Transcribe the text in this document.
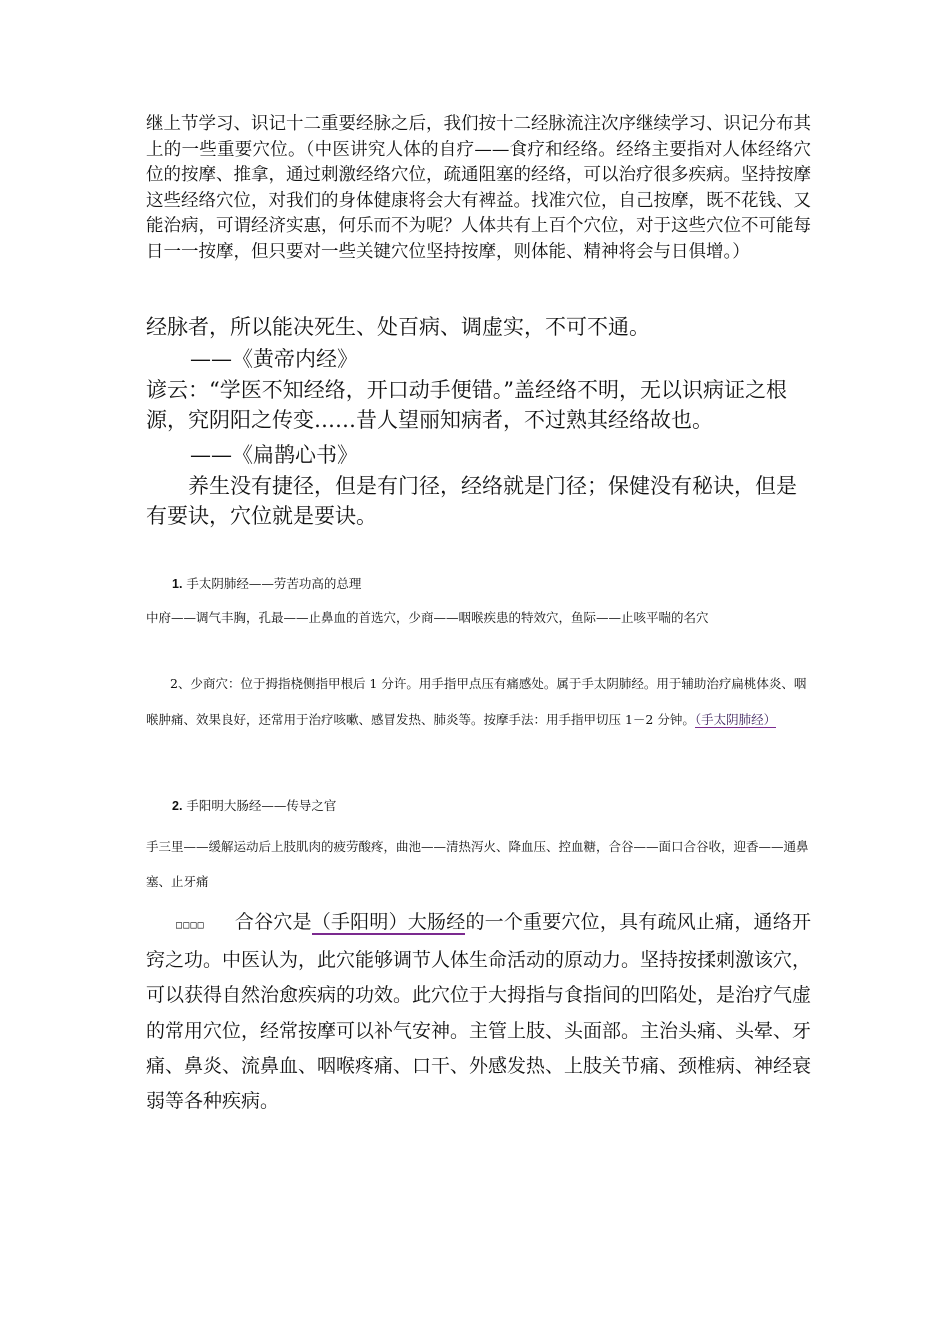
继上节学习、识记十二重要经脉之后，我们按十二经脉流注次序继续学习、识记分布其上的一些重要穴位。（中医讲究人体的自疗——食疗和经络。经络主要指对人体经络穴位的按摩、推拿，通过刺激经络穴位，疏通阻塞的经络，可以治疗很多疾病。坚持按摩这些经络穴位，对我们的身体健康将会大有裨益。找准穴位，自己按摩，既不花钱、又能治病，可谓经济实惠，何乐而不为呢？人体共有上百个穴位，对于这些穴位不可能每日一一按摩，但只要对一些关键穴位坚持按摩，则体能、精神将会与日俱增。）
经脉者，所以能决死生、处百病、调虚实，不可不通。
——《黄帝内经》
谚云：“学医不知经络，开口动手便错。”盖经络不明，无以识病证之根源，究阴阳之传变……昔人望丽知病者，不过熟其经络故也。
——《扁鹊心书》
养生没有捷径，但是有门径，经络就是门径；保健没有秘诀，但是有要诀，穴位就是要诀。
1. 手太阴肺经——劳苦功高的总理
中府——调气丰胸，孔最——止鼻血的首选穴，少商——咽喉疾患的特效穴，鱼际——止咳平喘的名穴
2、少商穴：位于拇指桡侧指甲根后 1 分许。用手指甲点压有痛感处。属于手太阴肺经。用于辅助治疗扁桃体炎、咽喉肿痛、效果良好，还常用于治疗咳嗽、感冒发热、肺炎等。按摩手法：用手指甲切压 1－2 分钟。（手太阴肺经）
2. 手阳明大肠经——传导之官
手三里——缓解运动后上肢肌肉的疲劳酸疼，曲池——清热泻火、降血压、控血糖，合谷——面口合谷收，迎香——通鼻塞、止牙痛
□□□□ 合谷穴是（手阳明）大肠经的一个重要穴位，具有疏风止痛，通络开窍之功。中医认为，此穴能够调节人体生命活动的原动力。坚持按揉刺激该穴，可以获得自然治愈疾病的功效。此穴位于大拇指与食指间的凹陷处，是治疗气虚的常用穴位，经常按摩可以补气安神。主管上肢、头面部。主治头痛、头晕、牙痛、鼻炎、流鼻血、咽喉疼痛、口干、外感发热、上肢关节痛、颈椎病、神经衰弱等各种疾病。
